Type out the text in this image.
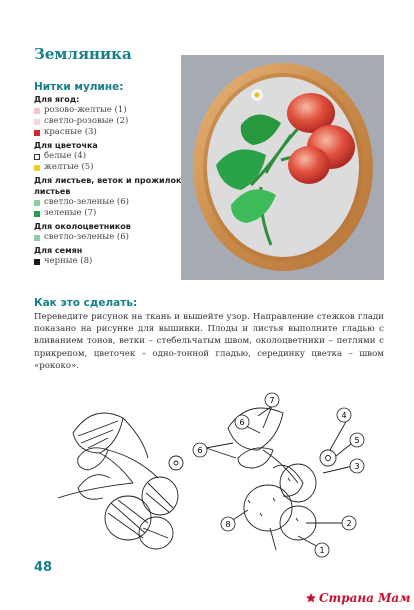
Земляника
Нитки мулине:
Для ягод:
розово-желтые (1)
светло-розовые (2)
красные (3)
Для цветочка
белые (4)
желтые (5)
Для листьев, веток и прожилок листьев
светло-зеленые (6)
зеленые (7)
Для околоцветников
светло-зеленые (6)
Для семян
черные (8)
Как это сделать:
Переведите рисунок на ткань и вышейте узор. Направление стежков глади показано на рисунке для вышивки. Плоды и листья выполните гладью с вливанием тонов, ветки – стебельчатым швом, околоцветники – петлями с прикрепом, цветочек – одно-тонной гладью, серединку цветка – швом «рококо».
7
6
6
5
4
3
2
1
8
48
Страна Мам
